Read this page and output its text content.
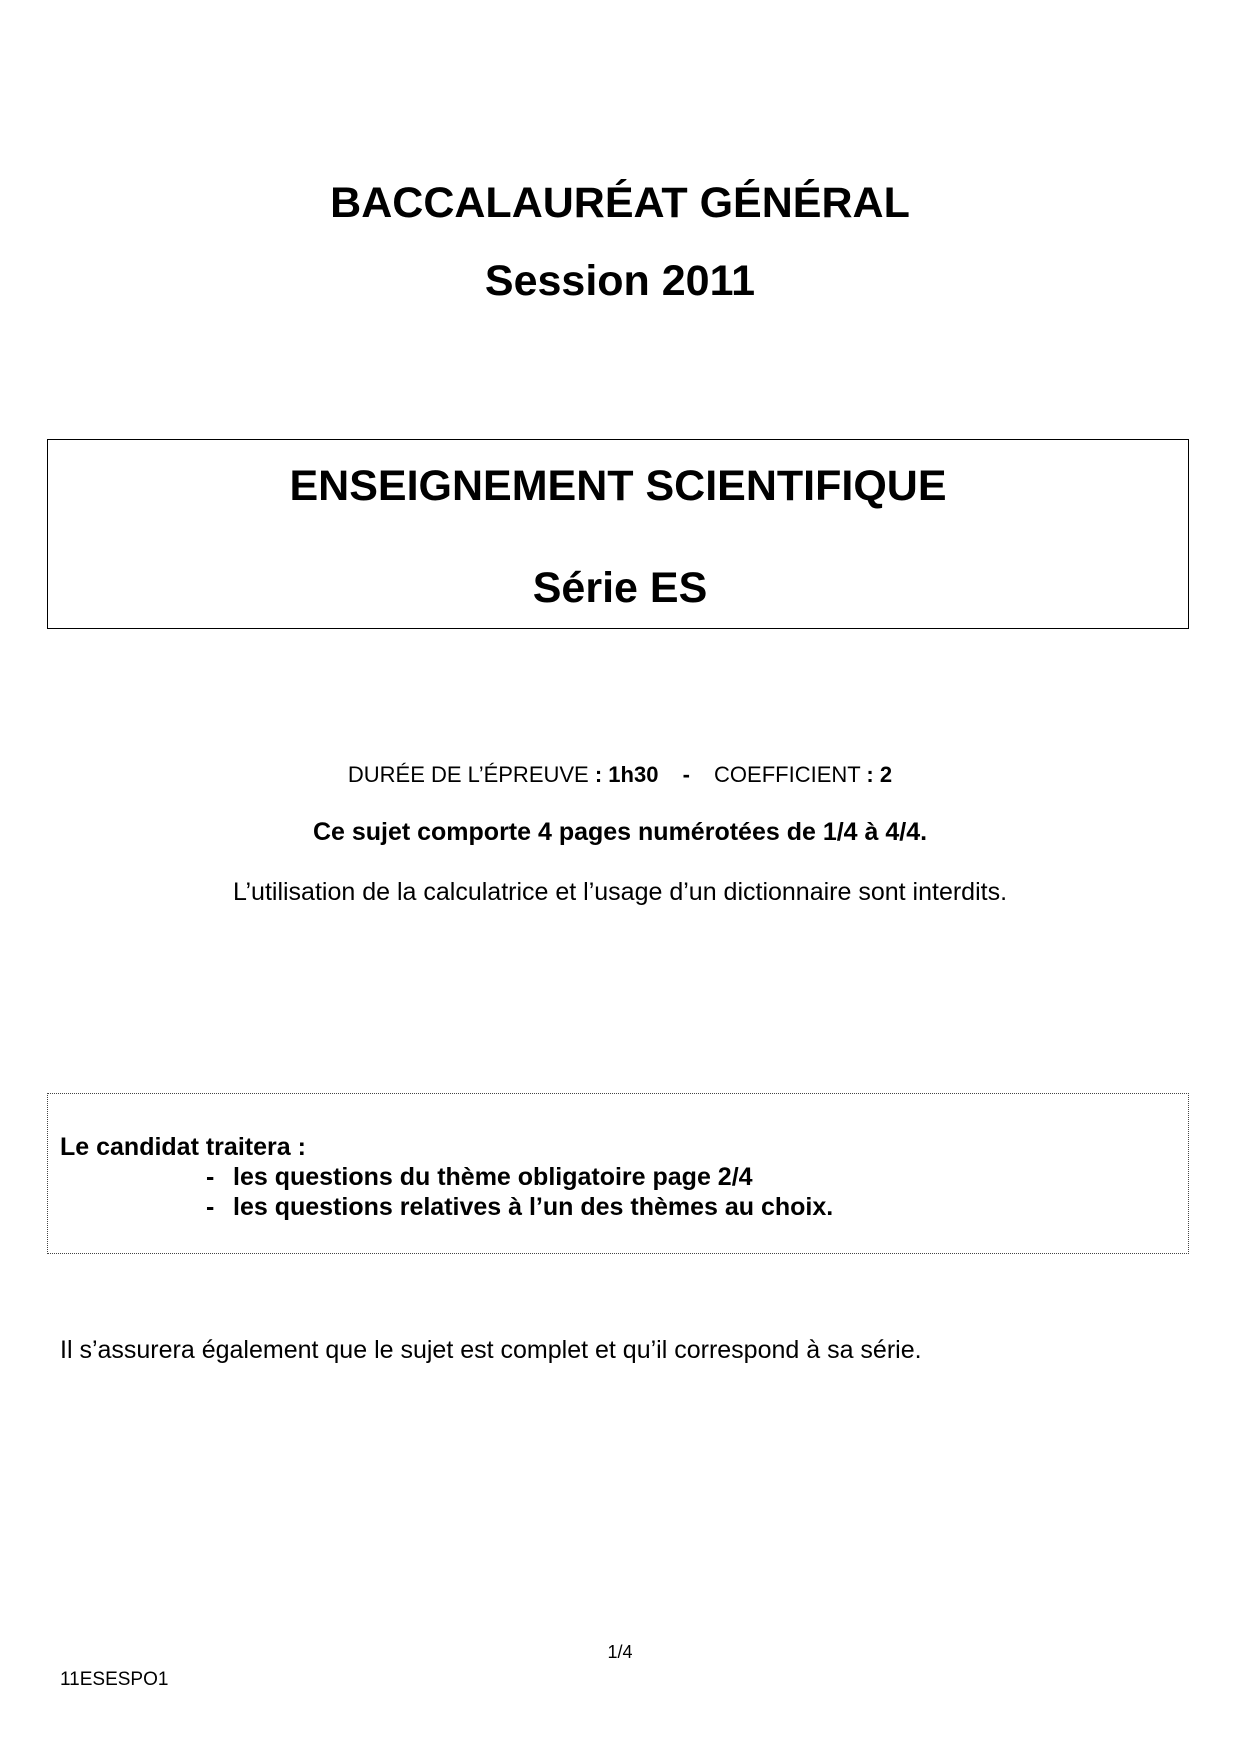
BACCALAURÉAT GÉNÉRAL
Session 2011
ENSEIGNEMENT SCIENTIFIQUE
Série ES
DURÉE DE L’ÉPREUVE : 1h30 - COEFFICIENT : 2
Ce sujet comporte 4 pages numérotées de 1/4 à 4/4.
L’utilisation de la calculatrice et l’usage d’un dictionnaire sont interdits.
Le candidat traitera :
- les questions du thème obligatoire page 2/4
- les questions relatives à l’un des thèmes au choix.
Il s’assurera également que le sujet est complet et qu’il correspond à sa série.
1/4
11ESESPO1
